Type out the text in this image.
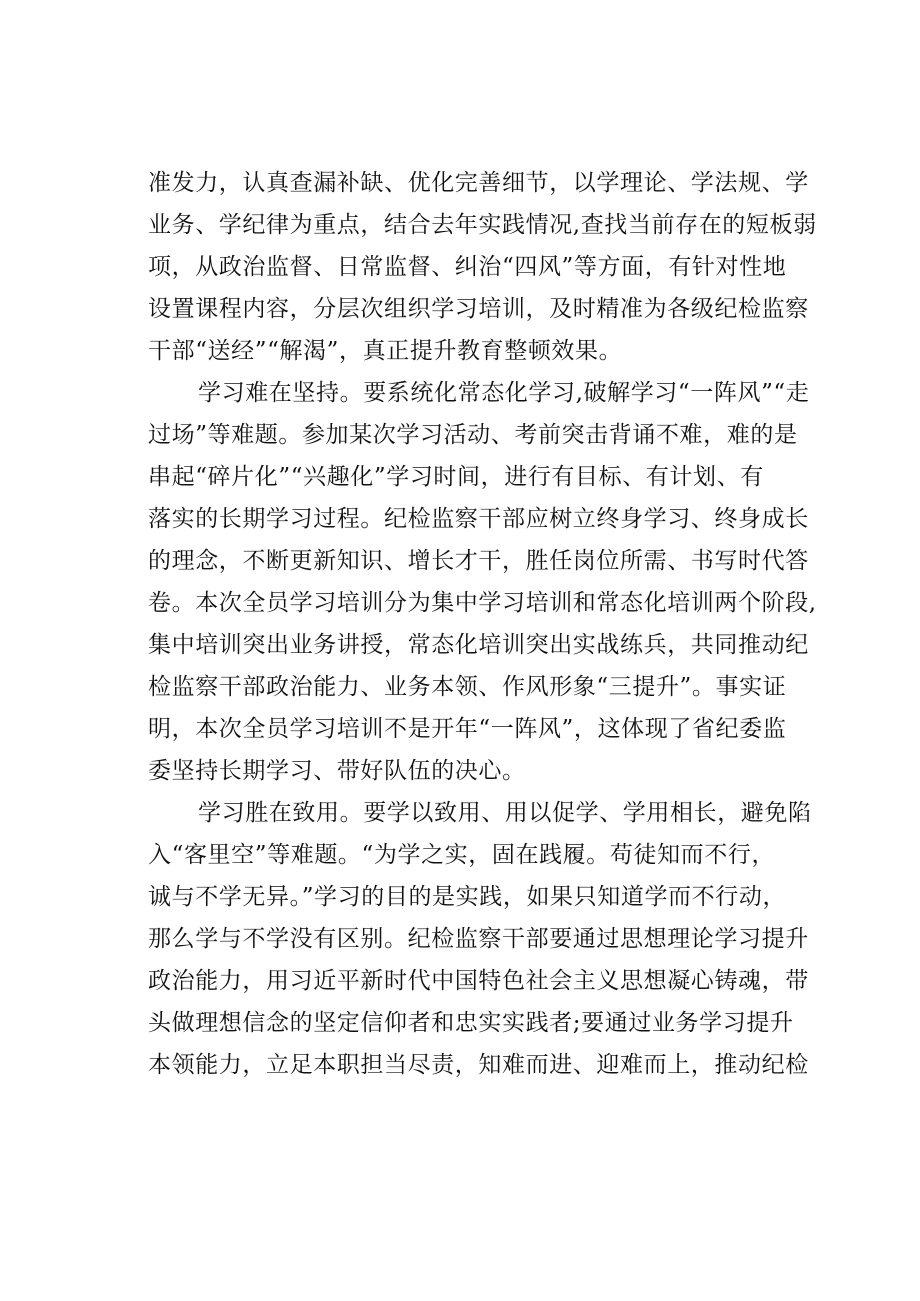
准发力，认真查漏补缺、优化完善细节，以学理论、学法规、学
业务、学纪律为重点，结合去年实践情况,查找当前存在的短板弱
项，从政治监督、日常监督、纠治“四风”等方面，有针对性地
设置课程内容，分层次组织学习培训，及时精准为各级纪检监察
干部“送经”“解渴”，真正提升教育整顿效果。

学习难在坚持。要系统化常态化学习,破解学习“一阵风”“走
过场”等难题。参加某次学习活动、考前突击背诵不难，难的是
串起“碎片化”“兴趣化”学习时间，进行有目标、有计划、有
落实的长期学习过程。纪检监察干部应树立终身学习、终身成长
的理念，不断更新知识、增长才干，胜任岗位所需、书写时代答
卷。本次全员学习培训分为集中学习培训和常态化培训两个阶段,
集中培训突出业务讲授，常态化培训突出实战练兵，共同推动纪
检监察干部政治能力、业务本领、作风形象“三提升”。事实证
明，本次全员学习培训不是开年“一阵风”，这体现了省纪委监
委坚持长期学习、带好队伍的决心。

学习胜在致用。要学以致用、用以促学、学用相长，避免陷
入“客里空”等难题。“为学之实，固在践履。苟徒知而不行，
诚与不学无异。”学习的目的是实践，如果只知道学而不行动，
那么学与不学没有区别。纪检监察干部要通过思想理论学习提升
政治能力，用习近平新时代中国特色社会主义思想凝心铸魂，带
头做理想信念的坚定信仰者和忠实实践者;要通过业务学习提升
本领能力，立足本职担当尽责，知难而进、迎难而上，推动纪检
